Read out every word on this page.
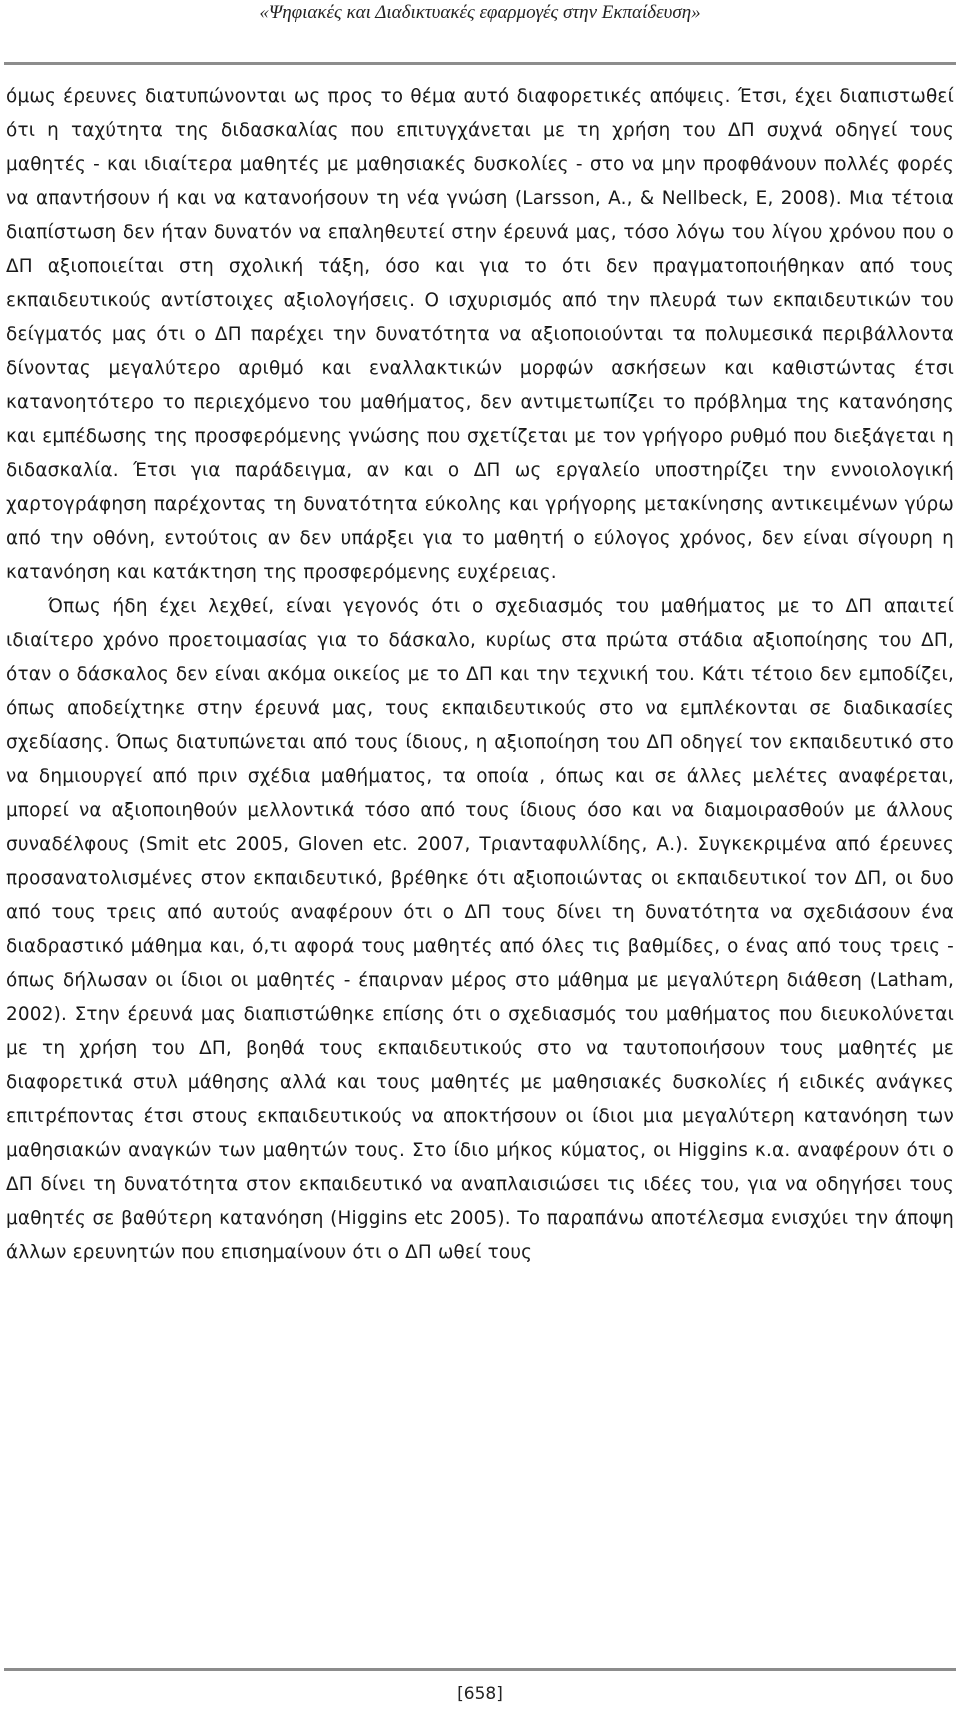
«Ψηφιακές και Διαδικτυακές εφαρμογές στην Εκπαίδευση»

όμως έρευνες διατυπώνονται ως προς το θέμα αυτό διαφορετικές απόψεις. Έτσι, έχει διαπιστωθεί ότι η ταχύτητα της διδασκαλίας που επιτυγχάνεται με τη χρήση του ΔΠ συχνά οδηγεί τους μαθητές - και ιδιαίτερα μαθητές με μαθησιακές δυσκολίες - στο να μην προφθάνουν πολλές φορές να απαντήσουν ή και να κατανοήσουν τη νέα γνώση (Larsson, A., & Nellbeck, E, 2008). Μια τέτοια διαπίστωση δεν ήταν δυνατόν να επαληθευτεί στην έρευνά μας, τόσο λόγω του λίγου χρόνου που ο ΔΠ αξιοποιείται στη σχολική τάξη, όσο και για το ότι δεν πραγματοποιήθηκαν από τους εκπαιδευτικούς αντίστοιχες αξιολογήσεις. Ο ισχυρισμός από την πλευρά των εκπαιδευτικών του δείγματός μας ότι ο ΔΠ παρέχει την δυνατότητα να αξιοποιούνται τα πολυμεσικά περιβάλλοντα δίνοντας μεγαλύτερο αριθμό και εναλλακτικών μορφών ασκήσεων και καθιστώντας έτσι κατανοητότερο το περιεχόμενο του μαθήματος, δεν αντιμετωπίζει το πρόβλημα της κατανόησης και εμπέδωσης της προσφερόμενης γνώσης που σχετίζεται με τον γρήγορο ρυθμό που διεξάγεται η διδασκαλία. Έτσι για παράδειγμα, αν και ο ΔΠ ως εργαλείο υποστηρίζει την εννοιολογική χαρτογράφηση παρέχοντας τη δυνατότητα εύκολης και γρήγορης μετακίνησης αντικειμένων γύρω από την οθόνη, εντούτοις αν δεν υπάρξει για το μαθητή ο εύλογος χρόνος, δεν είναι σίγουρη η κατανόηση και κατάκτηση της προσφερόμενης ευχέρειας.

Όπως ήδη έχει λεχθεί, είναι γεγονός ότι ο σχεδιασμός του μαθήματος με το ΔΠ απαιτεί ιδιαίτερο χρόνο προετοιμασίας για το δάσκαλο, κυρίως στα πρώτα στάδια αξιοποίησης του ΔΠ, όταν ο δάσκαλος δεν είναι ακόμα οικείος με το ΔΠ και την τεχνική του. Κάτι τέτοιο δεν εμποδίζει, όπως αποδείχτηκε στην έρευνά μας, τους εκπαιδευτικούς στο να εμπλέκονται σε διαδικασίες σχεδίασης. Όπως διατυπώνεται από τους ίδιους, η αξιοποίηση του ΔΠ οδηγεί τον εκπαιδευτικό στο να δημιουργεί από πριν σχέδια μαθήματος, τα οποία , όπως και σε άλλες μελέτες αναφέρεται, μπορεί να αξιοποιηθούν μελλοντικά τόσο από τους ίδιους όσο και να διαμοιρασθούν με άλλους συναδέλφους (Smit etc 2005, Gloven etc. 2007, Τριανταφυλλίδης, Α.). Συγκεκριμένα από έρευνες προσανατολισμένες στον εκπαιδευτικό, βρέθηκε ότι αξιοποιώντας οι εκπαιδευτικοί τον ΔΠ, οι δυο από τους τρεις από αυτούς αναφέρουν ότι ο ΔΠ τους δίνει τη δυνατότητα να σχεδιάσουν ένα διαδραστικό μάθημα και, ό,τι αφορά τους μαθητές από όλες τις βαθμίδες, ο ένας από τους τρεις - όπως δήλωσαν οι ίδιοι οι μαθητές - έπαιρναν μέρος στο μάθημα με μεγαλύτερη διάθεση (Latham, 2002). Στην έρευνά μας διαπιστώθηκε επίσης ότι ο σχεδιασμός του μαθήματος που διευκολύνεται με τη χρήση του ΔΠ, βοηθά τους εκπαιδευτικούς στο να ταυτοποιήσουν τους μαθητές με διαφορετικά στυλ μάθησης αλλά και τους μαθητές με μαθησιακές δυσκολίες ή ειδικές ανάγκες επιτρέποντας έτσι στους εκπαιδευτικούς να αποκτήσουν οι ίδιοι μια μεγαλύτερη κατανόηση των μαθησιακών αναγκών των μαθητών τους. Στο ίδιο μήκος κύματος, οι Higgins κ.α. αναφέρουν ότι ο ΔΠ δίνει τη δυνατότητα στον εκπαιδευτικό να αναπλαισιώσει τις ιδέες του, για να οδηγήσει τους μαθητές σε βαθύτερη κατανόηση (Higgins etc 2005). Το παραπάνω αποτέλεσμα ενισχύει την άποψη άλλων ερευνητών που επισημαίνουν ότι ο ΔΠ ωθεί τους

[658]
